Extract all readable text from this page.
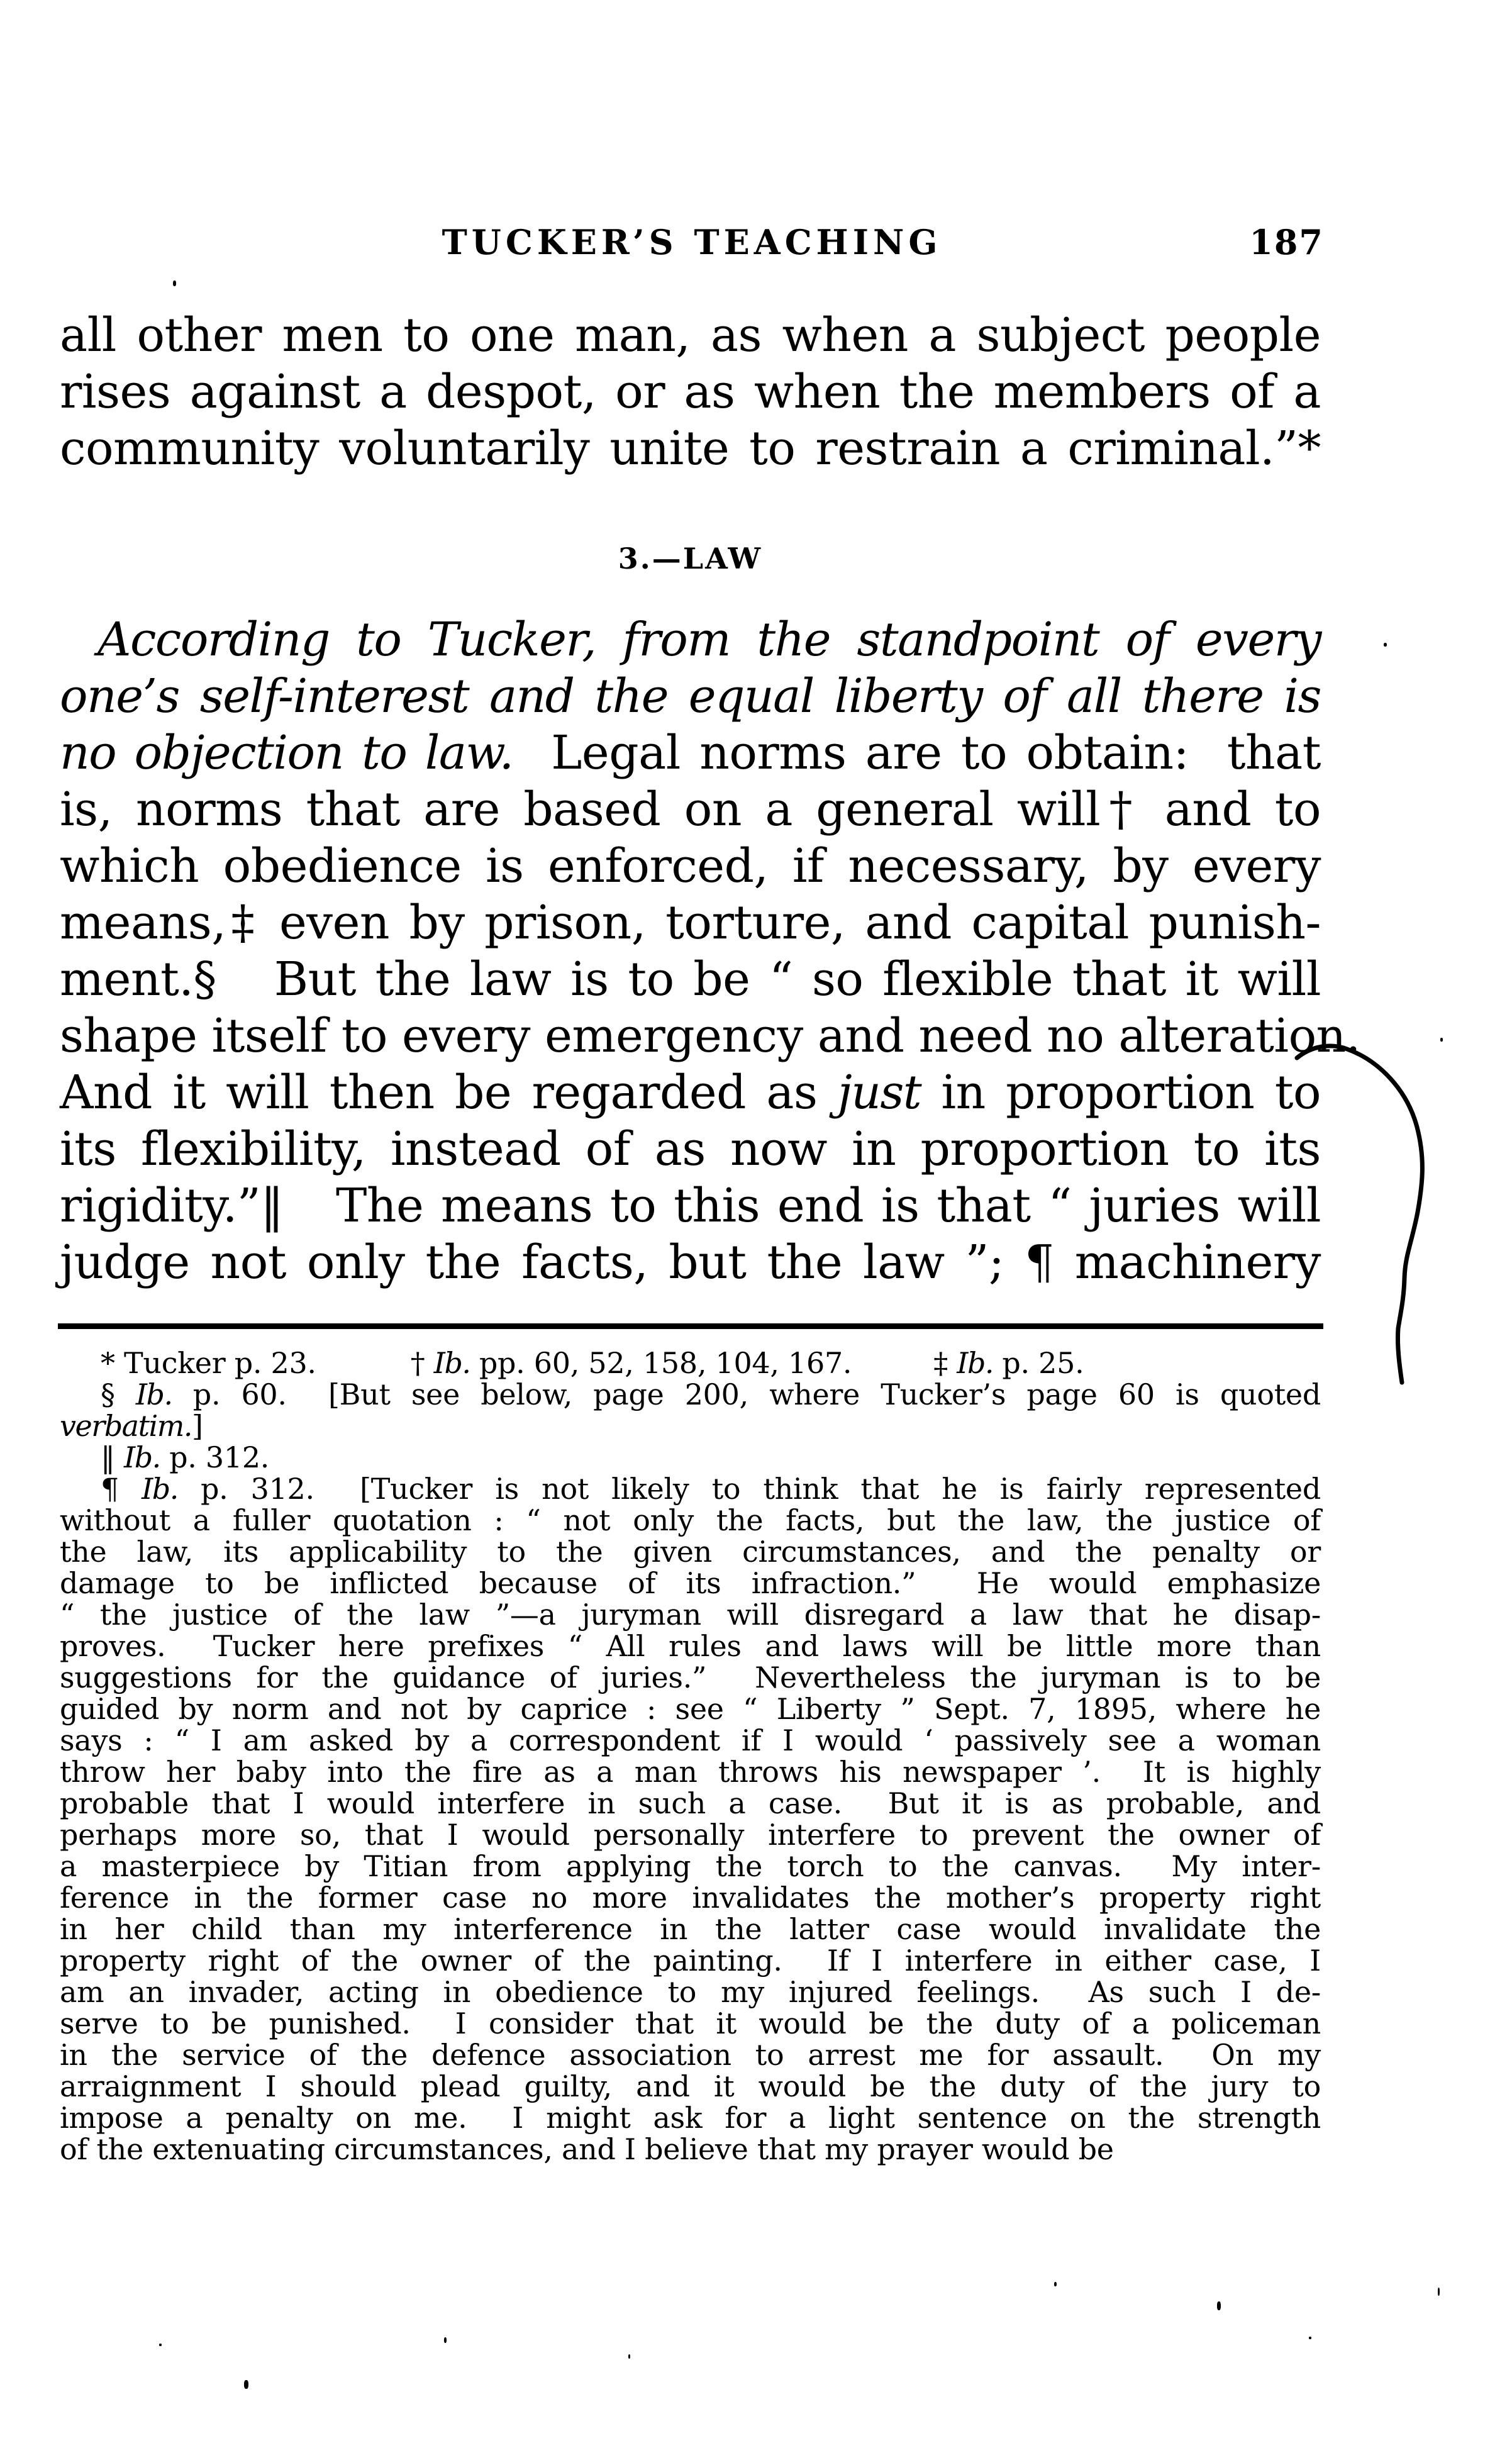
TUCKER’S TEACHING	187
all other men to one man, as when a subject people
rises against a despot, or as when the members of a
community voluntarily unite to restrain a criminal.”*
3.—LAW
According to Tucker, from the standpoint of every
one’s self-interest and the equal liberty of all there is
no objection to law.  Legal norms are to obtain:  that
is, norms that are based on a general will† and to
which obedience is enforced, if necessary, by every
means,‡ even by prison, torture, and capital punish-
ment.§   But the law is to be “ so flexible that it will
shape itself to every emergency and need no alteration.
And it will then be regarded as just in proportion to
its flexibility, instead of as now in proportion to its
rigidity.”‖   The means to this end is that “ juries will
judge not only the facts, but the law ”; ¶ machinery
* Tucker p. 23.	† Ib. pp. 60, 52, 158, 104, 167.	‡ Ib. p. 25.
§ Ib. p. 60.  [But see below, page 200, where Tucker’s page 60 is quoted
verbatim.]
‖ Ib. p. 312.
¶ Ib. p. 312.  [Tucker is not likely to think that he is fairly represented
without a fuller quotation : “ not only the facts, but the law, the justice of
the law, its applicability to the given circumstances, and the penalty or
damage to be inflicted because of its infraction.”  He would emphasize
“ the justice of the law ”—a juryman will disregard a law that he disap-
proves.  Tucker here prefixes “ All rules and laws will be little more than
suggestions for the guidance of juries.”  Nevertheless the juryman is to be
guided by norm and not by caprice : see “ Liberty ” Sept. 7, 1895, where he
says : “ I am asked by a correspondent if I would ‘ passively see a woman
throw her baby into the fire as a man throws his newspaper ’.  It is highly
probable that I would interfere in such a case.  But it is as probable, and
perhaps more so, that I would personally interfere to prevent the owner of
a masterpiece by Titian from applying the torch to the canvas.  My inter-
ference in the former case no more invalidates the mother’s property right
in her child than my interference in the latter case would invalidate the
property right of the owner of the painting.  If I interfere in either case, I
am an invader, acting in obedience to my injured feelings.  As such I de-
serve to be punished.  I consider that it would be the duty of a policeman
in the service of the defence association to arrest me for assault.  On my
arraignment I should plead guilty, and it would be the duty of the jury to
impose a penalty on me.  I might ask for a light sentence on the strength
of the extenuating circumstances, and I believe that my prayer would be
